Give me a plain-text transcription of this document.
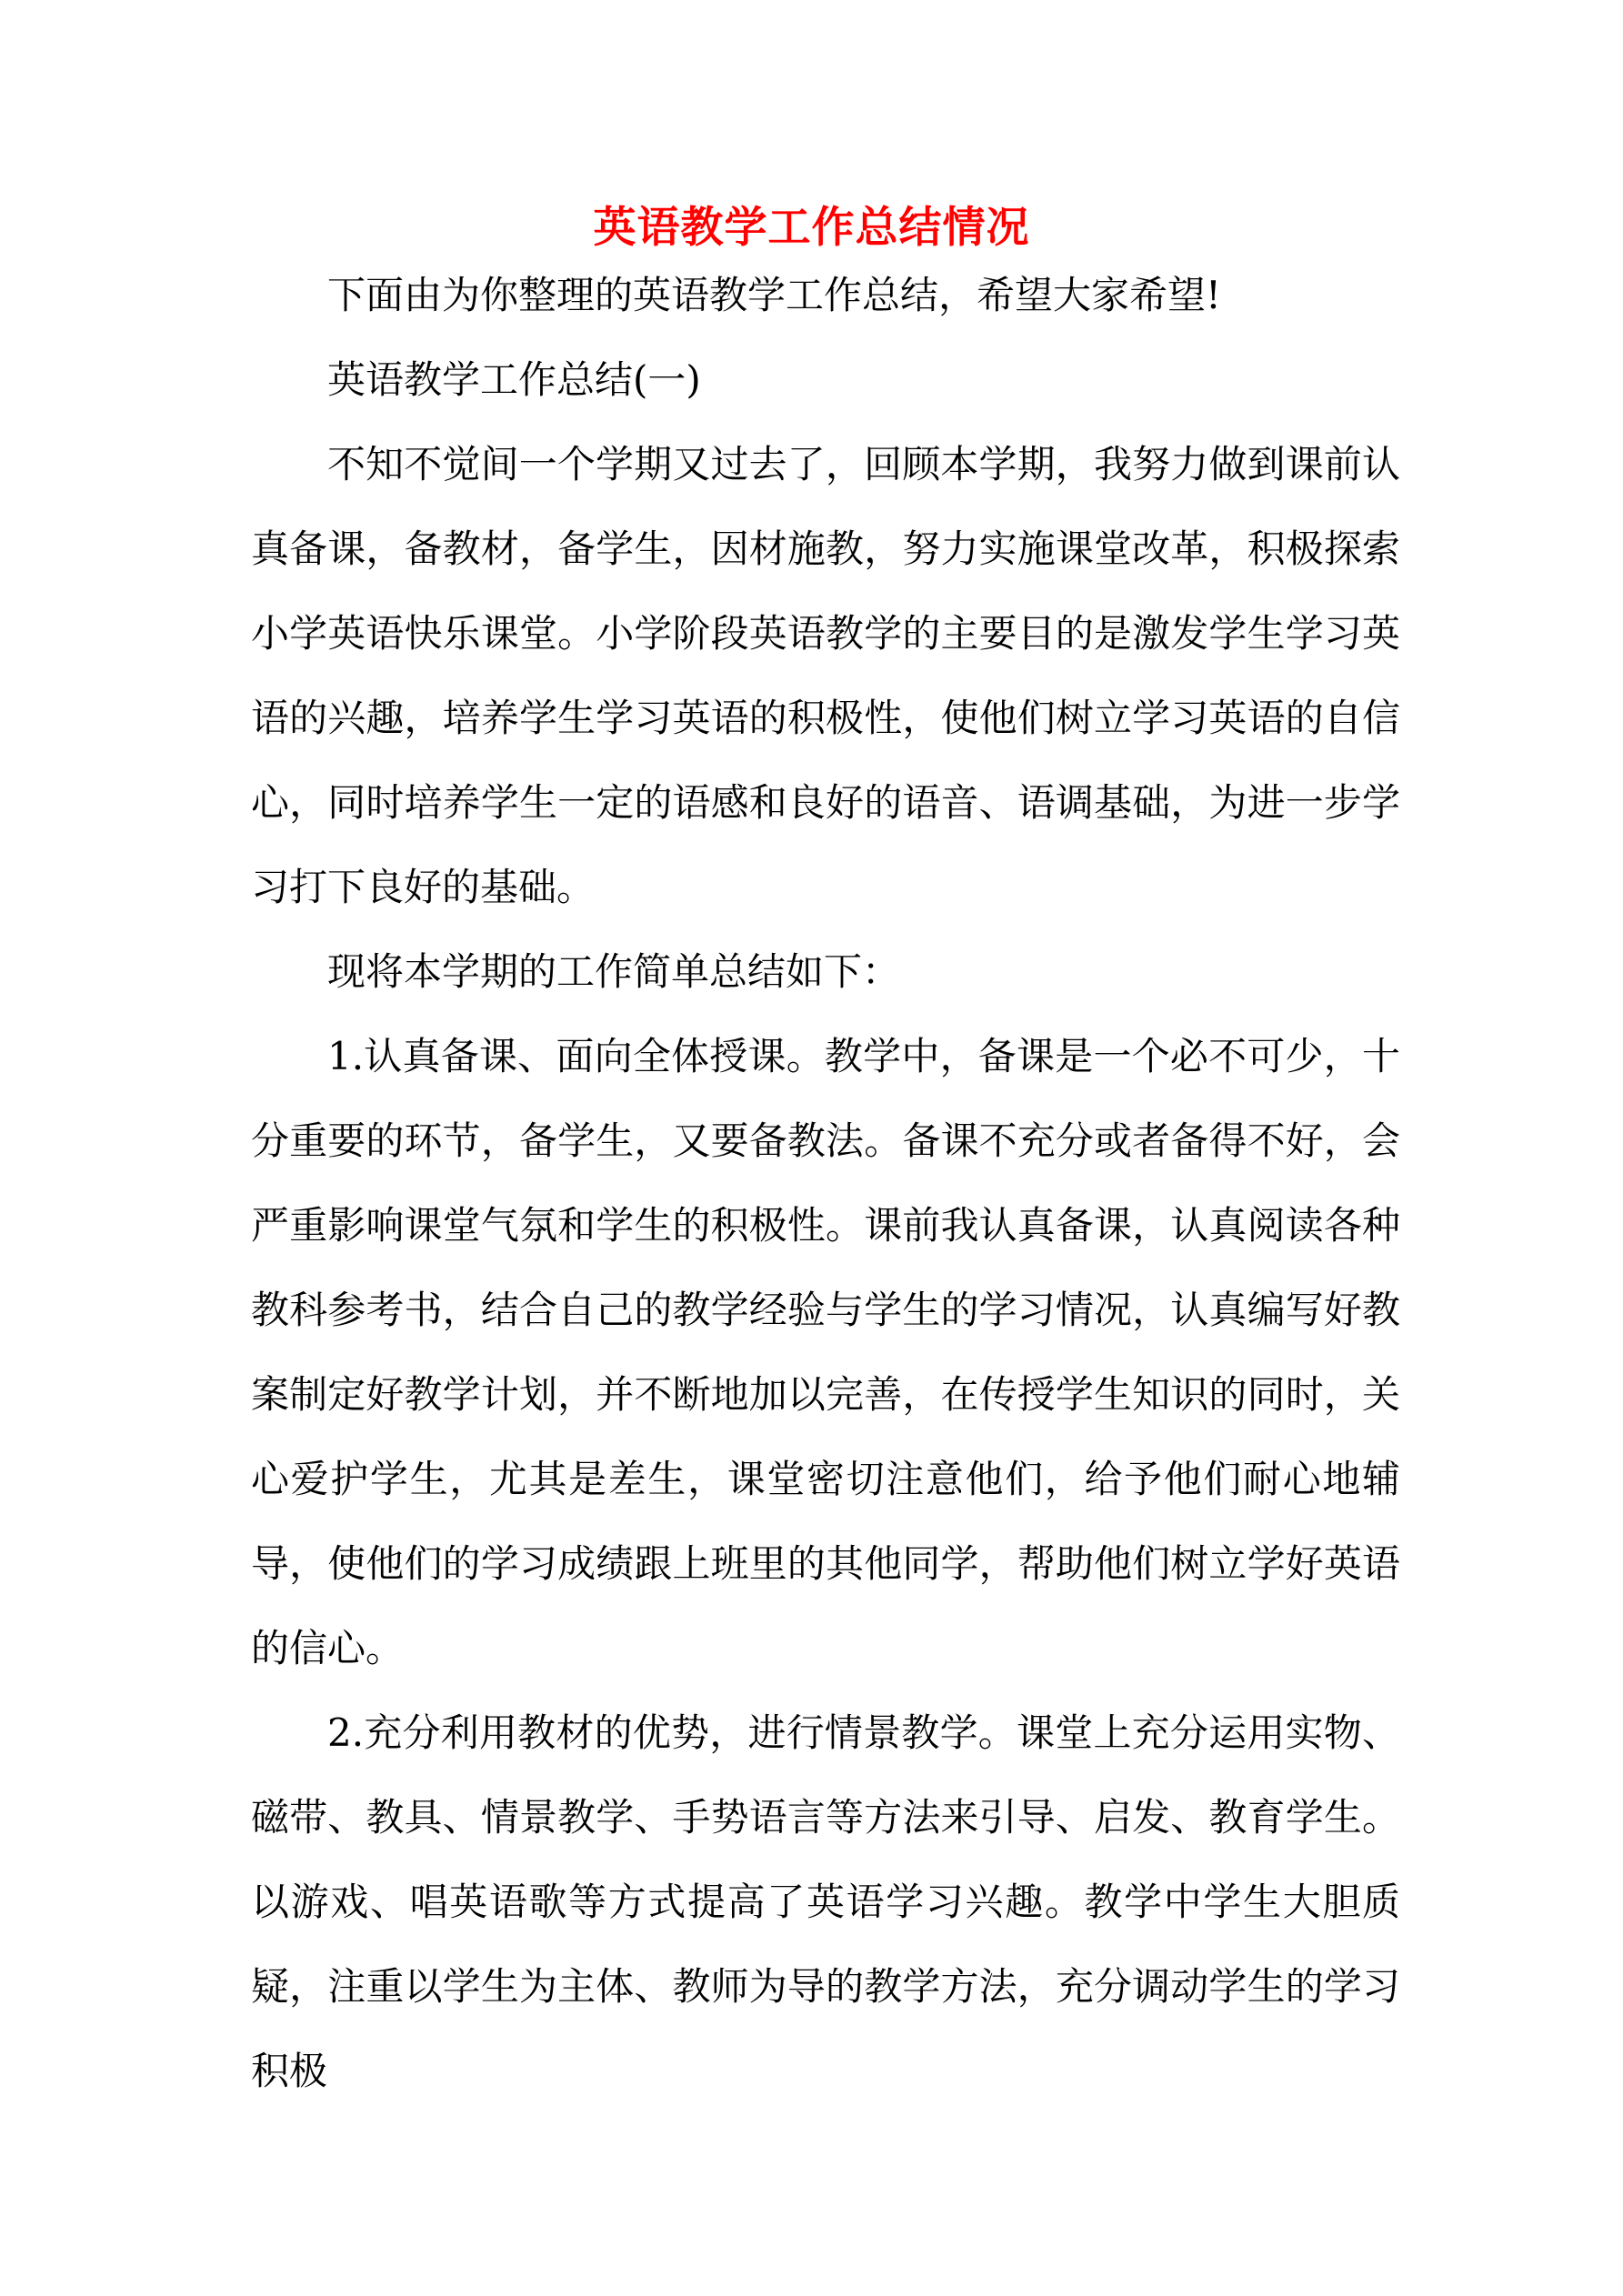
英语教学工作总结情况

下面由为你整理的英语教学工作总结，希望大家希望!

英语教学工作总结(一)

不知不觉间一个学期又过去了，回顾本学期，我努力做到课前认真备课，备教材，备学生，因材施教，努力实施课堂改革，积极探索小学英语快乐课堂。小学阶段英语教学的主要目的是激发学生学习英语的兴趣，培养学生学习英语的积极性，使他们树立学习英语的自信心，同时培养学生一定的语感和良好的语音、语调基础，为进一步学习打下良好的基础。

现将本学期的工作简单总结如下：

1.认真备课、面向全体授课。教学中，备课是一个必不可少，十分重要的环节，备学生，又要备教法。备课不充分或者备得不好，会严重影响课堂气氛和学生的积极性。课前我认真备课，认真阅读各种教科参考书，结合自己的教学经验与学生的学习情况，认真编写好教案制定好教学计划，并不断地加以完善，在传授学生知识的同时，关心爱护学生，尤其是差生，课堂密切注意他们，给予他们耐心地辅导，使他们的学习成绩跟上班里的其他同学，帮助他们树立学好英语的信心。

2.充分利用教材的优势，进行情景教学。课堂上充分运用实物、磁带、教具、情景教学、手势语言等方法来引导、启发、教育学生。以游戏、唱英语歌等方式提高了英语学习兴趣。教学中学生大胆质疑，注重以学生为主体、教师为导的教学方法，充分调动学生的学习积极
